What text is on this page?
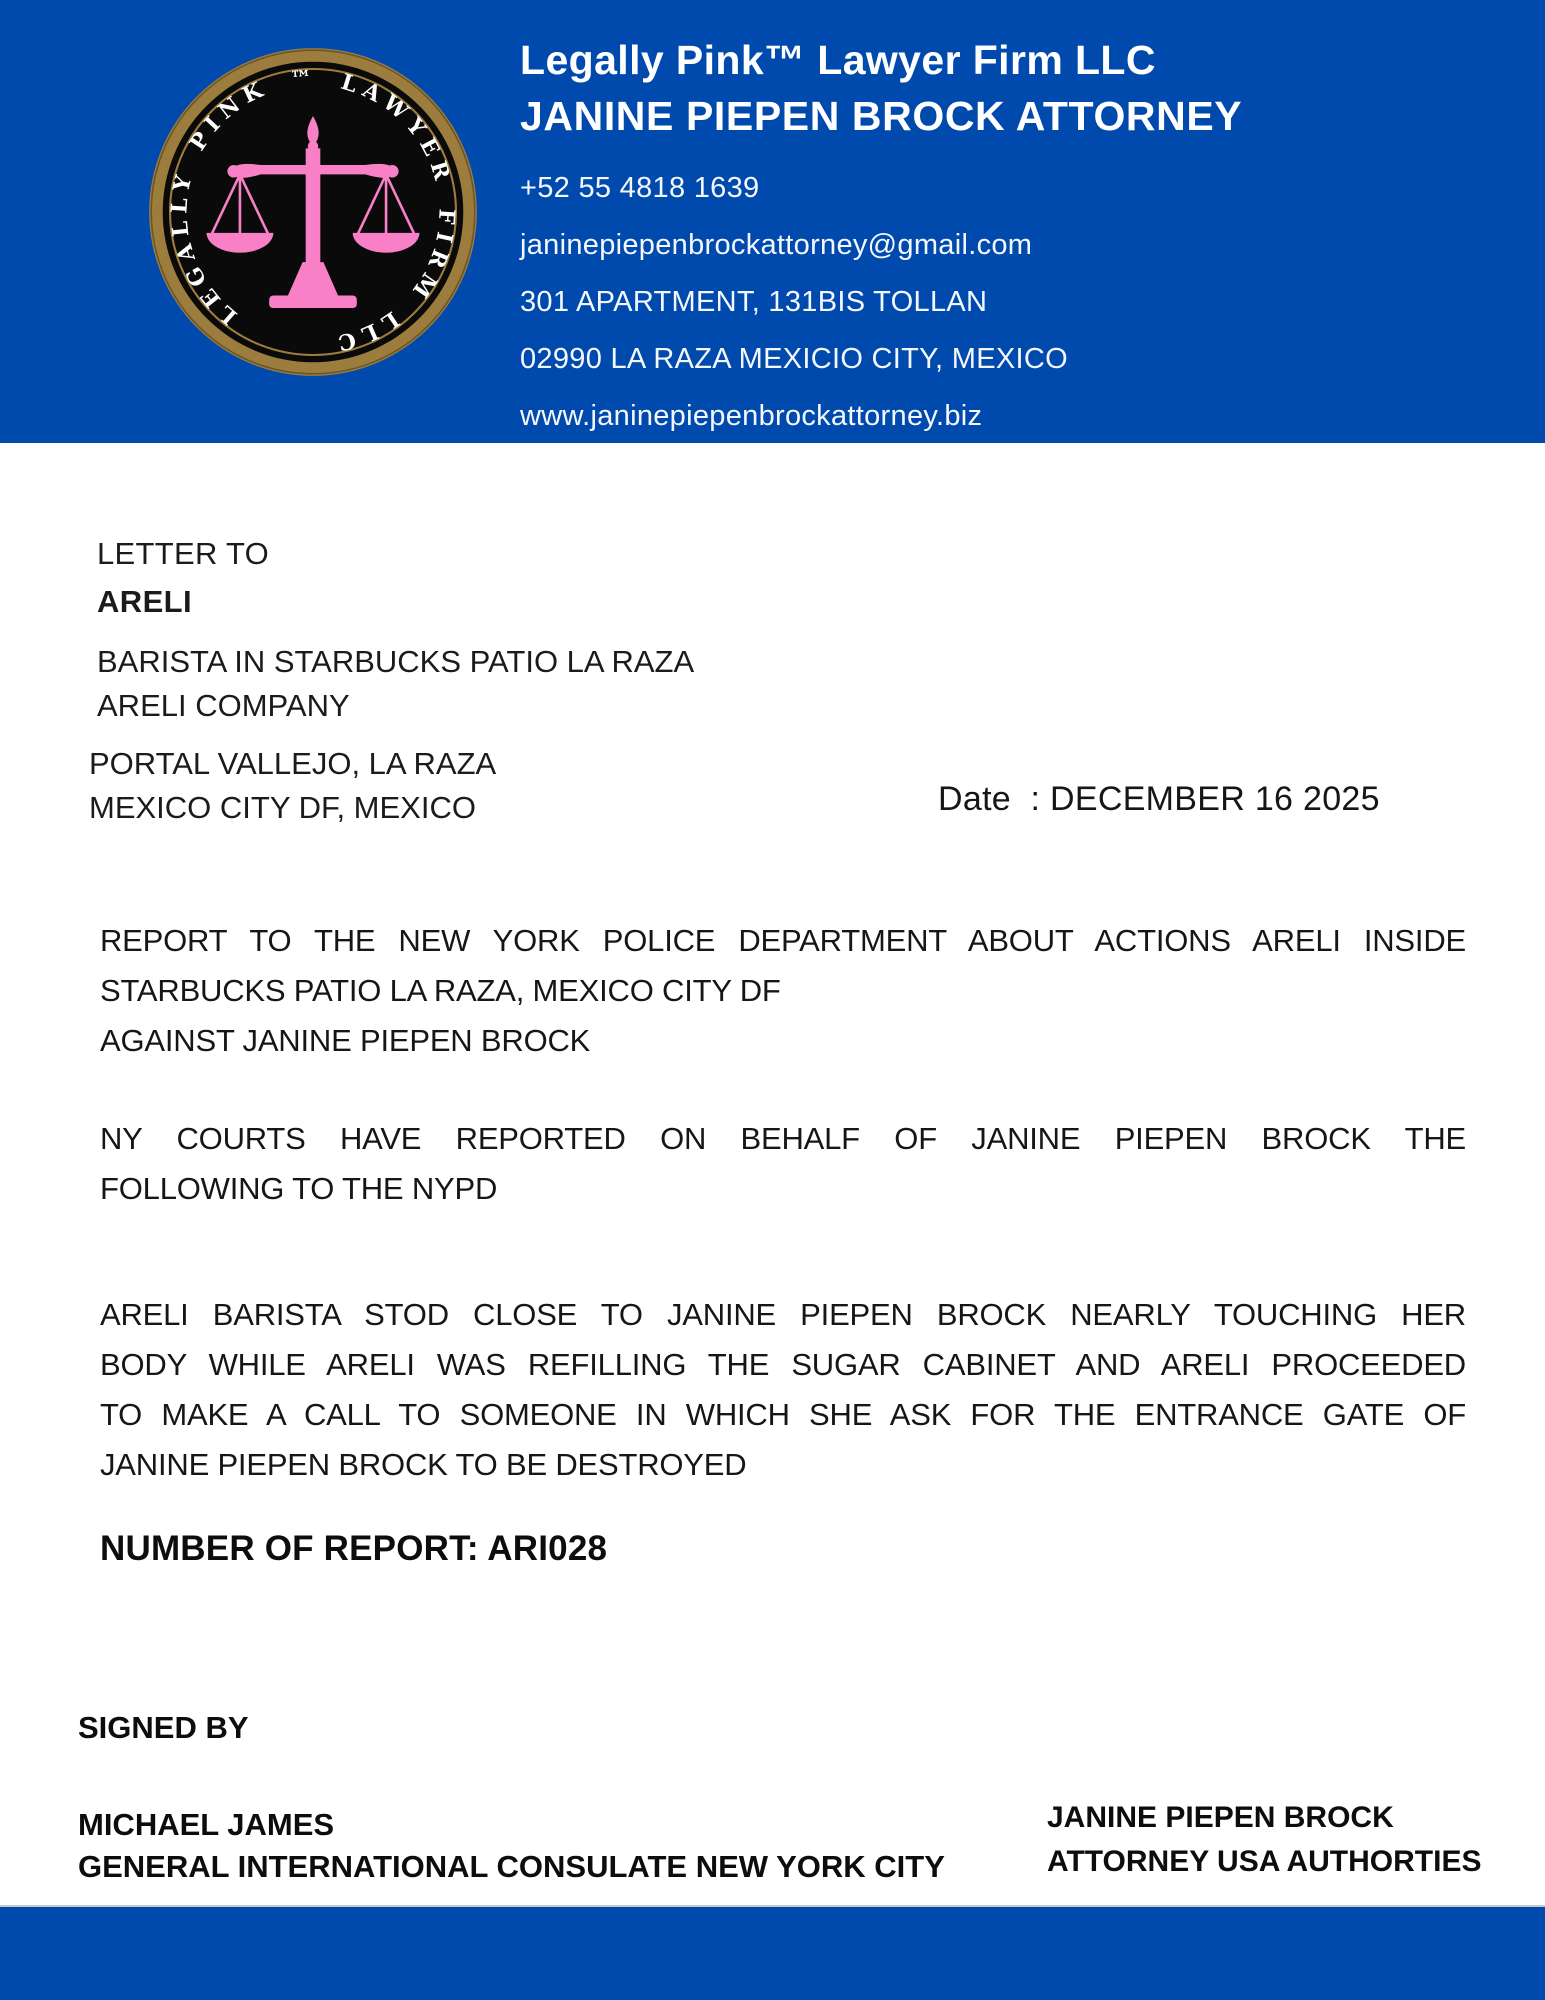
LEGALLY PINK ™ LAWYER FIRM LLC
Legally Pink™ Lawyer Firm LLC
JANINE PIEPEN BROCK ATTORNEY
+52 55 4818 1639
janinepiepenbrockattorney@gmail.com
301 APARTMENT, 131BIS TOLLAN
02990 LA RAZA MEXICIO CITY, MEXICO
www.janinepiepenbrockattorney.biz
LETTER TO
ARELI
BARISTA IN STARBUCKS PATIO LA RAZA
ARELI COMPANY
PORTAL VALLEJO, LA RAZA
MEXICO CITY DF, MEXICO	Date  : DECEMBER 16 2025
REPORT TO THE NEW YORK POLICE DEPARTMENT ABOUT ACTIONS ARELI INSIDE
STARBUCKS PATIO LA RAZA, MEXICO CITY DF
AGAINST JANINE PIEPEN BROCK
NY COURTS HAVE REPORTED ON BEHALF OF JANINE PIEPEN BROCK THE
FOLLOWING TO THE NYPD
ARELI BARISTA STOD CLOSE TO JANINE PIEPEN BROCK NEARLY TOUCHING HER
BODY WHILE ARELI WAS REFILLING THE SUGAR CABINET AND ARELI PROCEEDED
TO MAKE A CALL TO SOMEONE IN WHICH SHE ASK FOR THE ENTRANCE GATE OF
JANINE PIEPEN BROCK TO BE DESTROYED
NUMBER OF REPORT: ARI028
SIGNED BY
MICHAEL JAMES
GENERAL INTERNATIONAL CONSULATE NEW YORK CITY
JANINE PIEPEN BROCK
ATTORNEY USA AUTHORTIES
